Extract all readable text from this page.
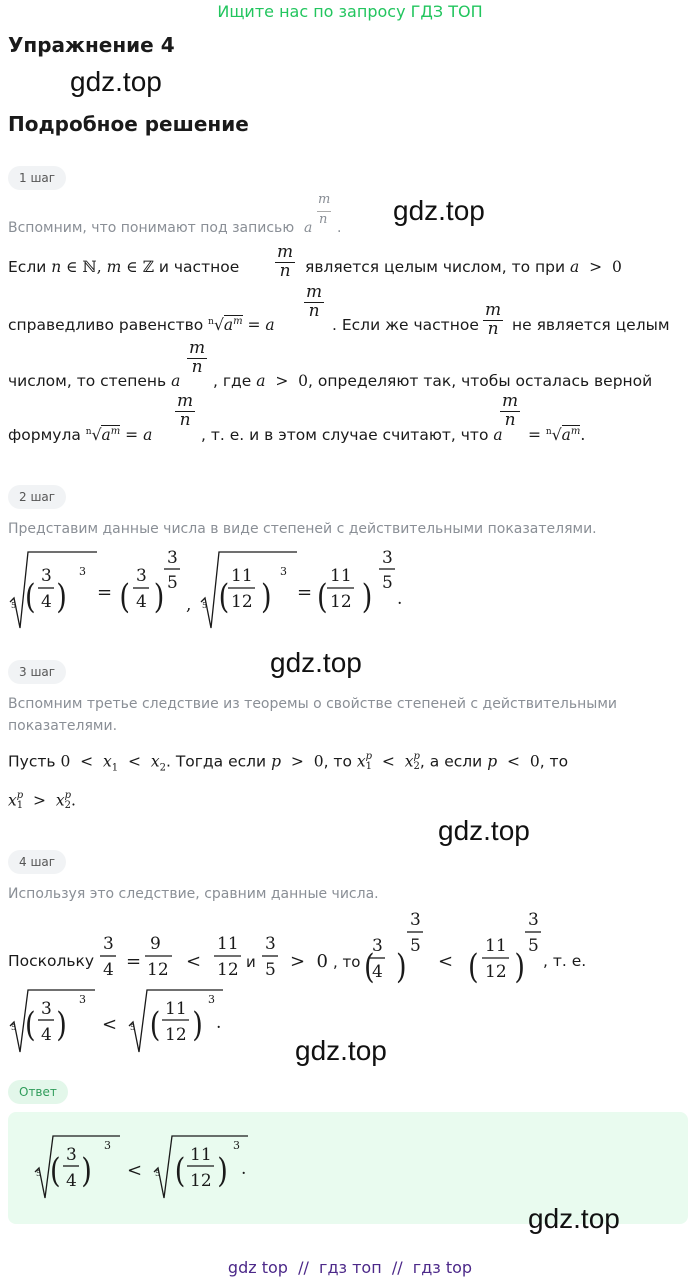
Ищите нас по запросу ГДЗ ТОП
Упражнение 4
gdz.top
Подробное решение
1 шаг
Вспомним, что понимают под записью a
m
n
.
gdz.top
Если n ∈ ℕ, m ∈ ℤ и частное $\frac{m}{n}$ является целым числом, то при a  >  0
справедливо равенство $^n√a^m = a$
$\frac{m}{n}$
. Если же частное $\frac{m}{n}$ не является целым
числом, то степень a
$\frac{m}{n}$
, где a  >  0, определяют так, чтобы осталась верной
формула $^n√a^m = a$
$\frac{m}{n}$
, т. е. и в этом случае считают, что a
$\frac{m}{n}$
= $^n√a^m$.
2 шаг
Представим данные числа в виде степеней с действительными показателями.
5 (
3
4 )
3
= (
3
4 )
3
5
, 5 (
11
12 )
3
= (
11
12 )
3
5
.
gdz.top
3 шаг
Вспомним третье следствие из теоремы о свойстве степеней с действительными
показателями.
Пусть $0 < x_1 < x_2$. Тогда если p  >  0, то x p
1 <  x p
2 , а если p  <  0, то
x p
1 >  x p
2 .
gdz.top
4 шаг
Используя это следствие, сравним данные числа.
Поскольку
3
4 =
9
12 <
11
12 и
3
5 >  0 , то (
3
4 )
3
5
< (
11
12 )
3
5
, т. е.
5 ( 3
4 )
3
< 5 ( 11
12 )
3
.
gdz.top
Ответ
5 ( 3
4 )
3
< 5 ( 11
12 )
3
.
gdz.top
gdz top  //  гдз топ  //  гдз top
